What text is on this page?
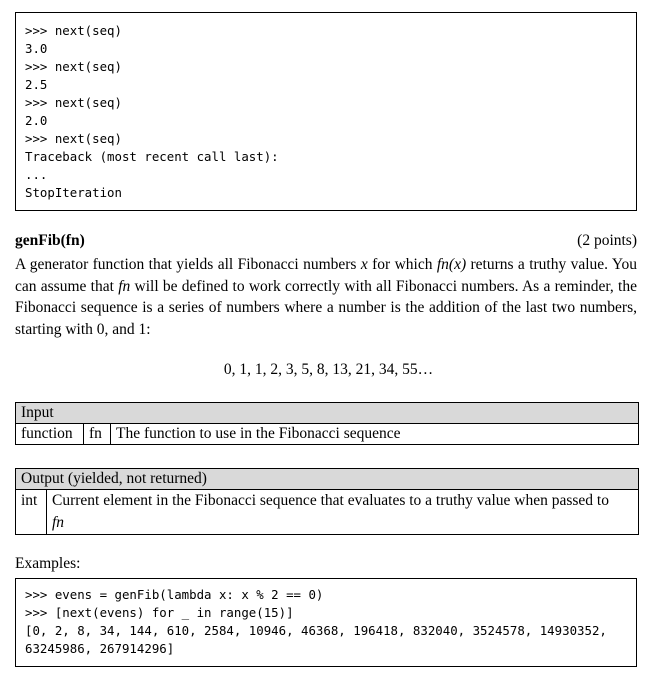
>>> next(seq)
3.0
>>> next(seq)
2.5
>>> next(seq)
2.0
>>> next(seq)
Traceback (most recent call last):
...
StopIteration
genFib(fn)	(2 points)

A generator function that yields all Fibonacci numbers x for which fn(x) returns a truthy value. You can assume that fn will be defined to work correctly with all Fibonacci numbers. As a reminder, the Fibonacci sequence is a series of numbers where a number is the addition of the last two numbers, starting with 0, and 1:

0, 1, 1, 2, 3, 5, 8, 13, 21, 34, 55…
Input
function	fn	The function to use in the Fibonacci sequence
Output (yielded, not returned)
int	Current element in the Fibonacci sequence that evaluates to a truthy value when passed to
fn
Examples:
>>> evens = genFib(lambda x: x % 2 == 0)
>>> [next(evens) for _ in range(15)]
[0, 2, 8, 34, 144, 610, 2584, 10946, 46368, 196418, 832040, 3524578, 14930352,
63245986, 267914296]
